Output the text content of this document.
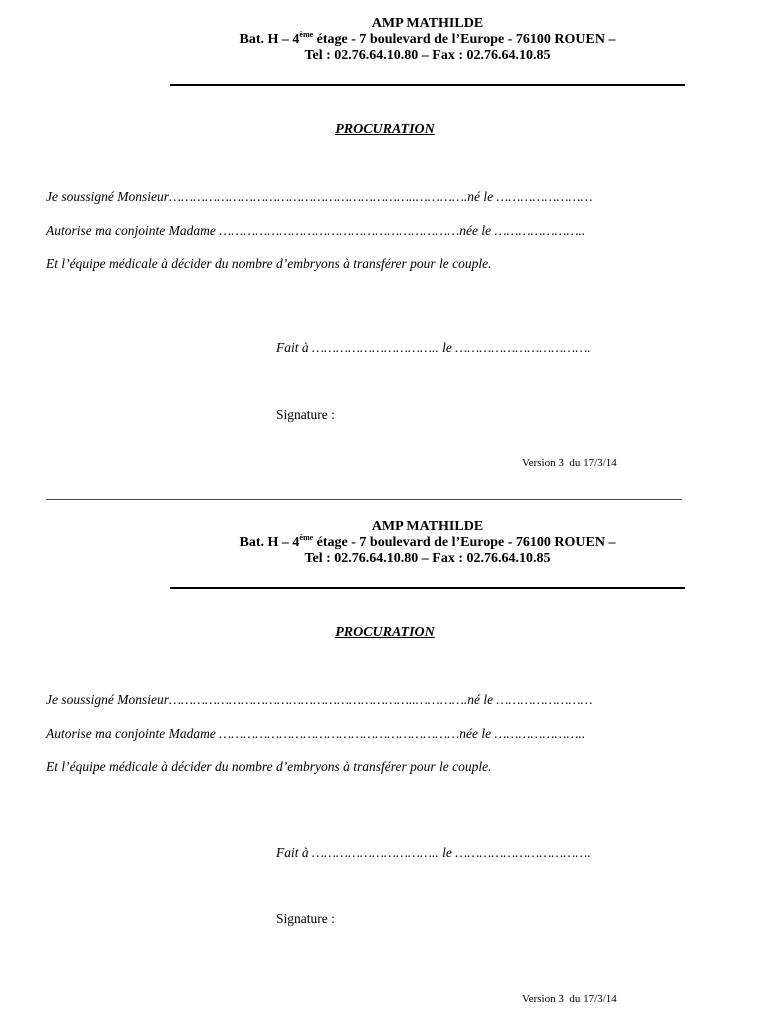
AMP MATHILDE
Bat. H – 4ème étage - 7 boulevard de l’Europe - 76100 ROUEN –
Tel : 02.76.64.10.80 – Fax : 02.76.64.10.85
PROCURATION
Je soussigné Monsieur……………………………………………………..………….né le ……………………
Autorise ma conjointe Madame ……………………………………………………née le …………………..
Et l’équipe médicale à décider du nombre d’embryons à transférer pour le couple.
Fait à ………………………….. le …………………………….
Signature :
Version 3  du 17/3/14
AMP MATHILDE
Bat. H – 4ème étage - 7 boulevard de l’Europe - 76100 ROUEN –
Tel : 02.76.64.10.80 – Fax : 02.76.64.10.85
PROCURATION
Je soussigné Monsieur……………………………………………………..………….né le ……………………
Autorise ma conjointe Madame ……………………………………………………née le …………………..
Et l’équipe médicale à décider du nombre d’embryons à transférer pour le couple.
Fait à ………………………….. le …………………………….
Signature :
Version 3  du 17/3/14
